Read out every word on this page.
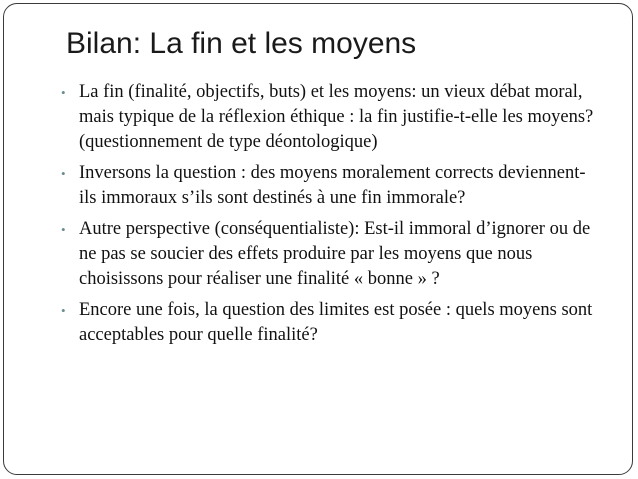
Bilan: La fin et les moyens
• La fin (finalité, objectifs, buts) et les moyens: un vieux débat moral, mais typique de la réflexion éthique : la fin justifie-t-elle les moyens? (questionnement de type déontologique)
• Inversons la question : des moyens moralement corrects deviennent-ils immoraux s’ils sont destinés à une fin immorale?
• Autre perspective (conséquentialiste): Est-il immoral d’ignorer ou de ne pas se soucier des effets produire par les moyens que nous choisissons pour réaliser une finalité « bonne » ?
• Encore une fois, la question des limites est posée : quels moyens sont acceptables pour quelle finalité?
